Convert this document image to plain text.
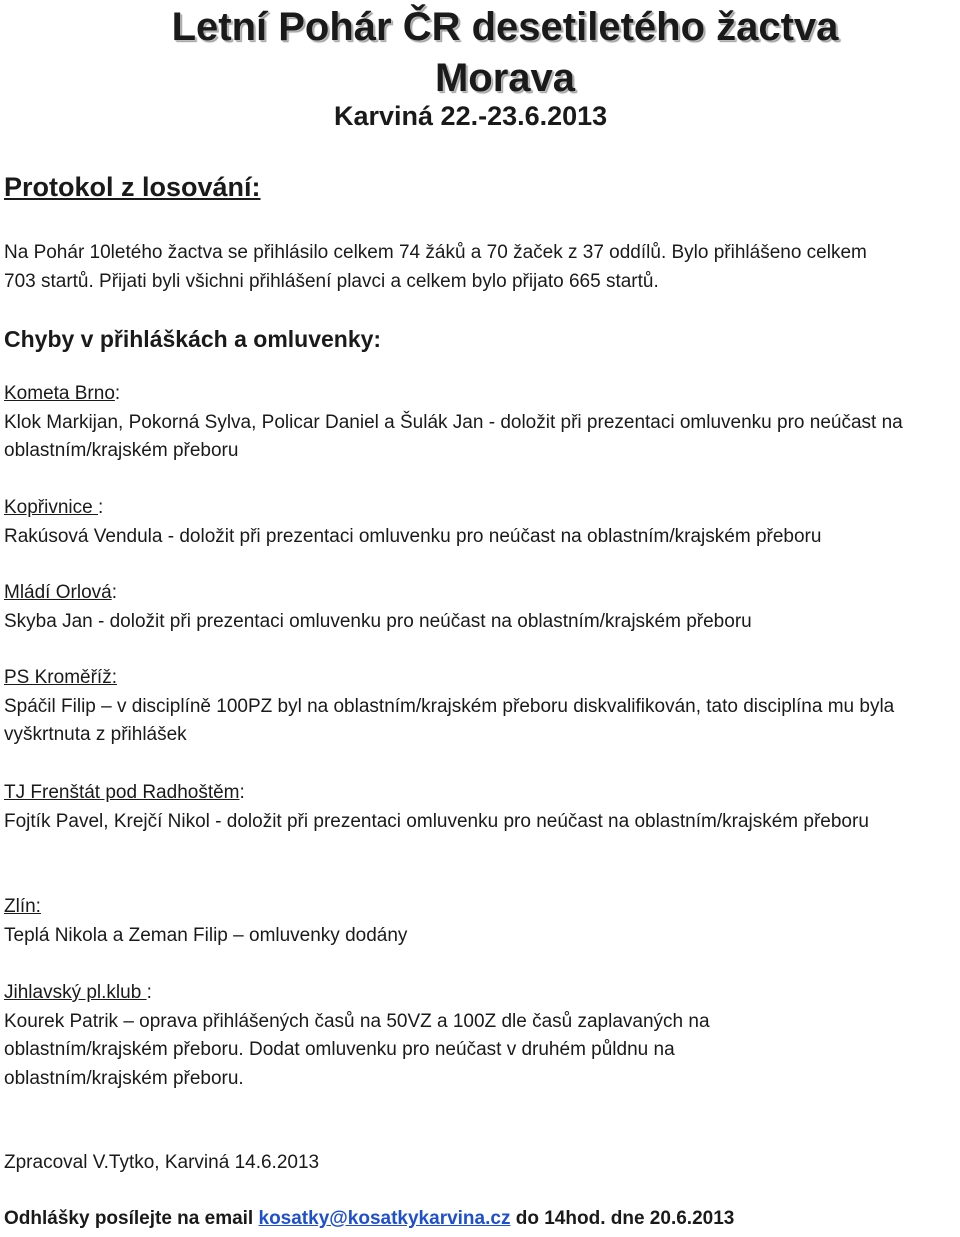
Letní Pohár ČR desetiletého žactva
Morava
Karviná 22.-23.6.2013
Protokol z losování:

Na Pohár 10letého žactva se přihlásilo celkem 74 žáků a 70 žaček z 37 oddílů. Bylo přihlášeno celkem
703 startů. Přijati byli všichni přihlášení plavci a celkem bylo přijato 665 startů.

Chyby v přihláškách a omluvenky:
Kometa Brno:
Klok Markijan, Pokorná Sylva, Policar Daniel a Šulák Jan - doložit při prezentaci omluvenku pro neúčast na oblastním/krajském přeboru
Kopřivnice :
Rakúsová Vendula - doložit při prezentaci omluvenku pro neúčast na oblastním/krajském přeboru
Mládí Orlová:
Skyba Jan - doložit při prezentaci omluvenku pro neúčast na oblastním/krajském přeboru
PS Kroměříž:
Spáčil Filip – v disciplíně 100PZ byl na oblastním/krajském přeboru diskvalifikován, tato disciplína mu byla vyškrtnuta z přihlášek
TJ Frenštát pod Radhoštěm:
Fojtík Pavel, Krejčí Nikol - doložit při prezentaci omluvenku pro neúčast na oblastním/krajském přeboru
Zlín:
Teplá Nikola a Zeman Filip – omluvenky dodány
Jihlavský pl.klub :
Kourek Patrik – oprava přihlášených časů na 50VZ a 100Z dle časů zaplavaných na oblastním/krajském přeboru. Dodat omluvenku pro neúčast v druhém půldnu na oblastním/krajském přeboru.

Zpracoval V.Tytko, Karviná 14.6.2013

Odhlášky posílejte na email kosatky@kosatkykarvina.cz do 14hod. dne 20.6.2013
